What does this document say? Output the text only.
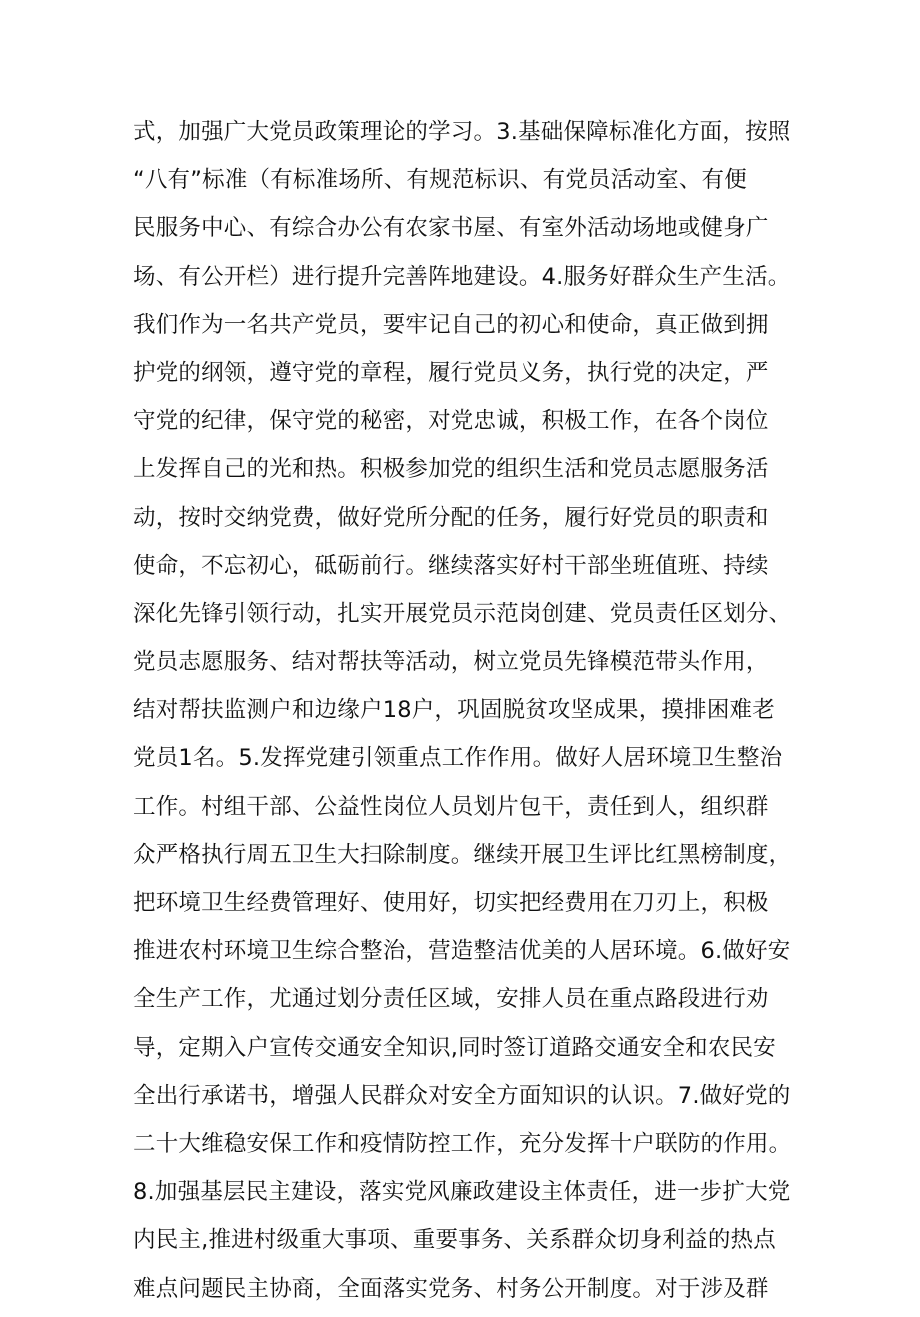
式，加强广大党员政策理论的学习。3.基础保障标准化方面，按照
“八有”标准（有标准场所、有规范标识、有党员活动室、有便
民服务中心、有综合办公有农家书屋、有室外活动场地或健身广
场、有公开栏）进行提升完善阵地建设。4.服务好群众生产生活。
我们作为一名共产党员，要牢记自己的初心和使命，真正做到拥
护党的纲领，遵守党的章程，履行党员义务，执行党的决定，严
守党的纪律，保守党的秘密，对党忠诚，积极工作，在各个岗位
上发挥自己的光和热。积极参加党的组织生活和党员志愿服务活
动，按时交纳党费，做好党所分配的任务，履行好党员的职责和
使命，不忘初心，砥砺前行。继续落实好村干部坐班值班、持续
深化先锋引领行动，扎实开展党员示范岗创建、党员责任区划分、
党员志愿服务、结对帮扶等活动，树立党员先锋模范带头作用，
结对帮扶监测户和边缘户18户，巩固脱贫攻坚成果，摸排困难老
党员1名。5.发挥党建引领重点工作作用。做好人居环境卫生整治
工作。村组干部、公益性岗位人员划片包干，责任到人，组织群
众严格执行周五卫生大扫除制度。继续开展卫生评比红黑榜制度，
把环境卫生经费管理好、使用好，切实把经费用在刀刃上，积极
推进农村环境卫生综合整治，营造整洁优美的人居环境。6.做好安
全生产工作，尤通过划分责任区域，安排人员在重点路段进行劝
导，定期入户宣传交通安全知识,同时签订道路交通安全和农民安
全出行承诺书，增强人民群众对安全方面知识的认识。7.做好党的
二十大维稳安保工作和疫情防控工作，充分发挥十户联防的作用。
8.加强基层民主建设，落实党风廉政建设主体责任，进一步扩大党
内民主,推进村级重大事项、重要事务、关系群众切身利益的热点
难点问题民主协商，全面落实党务、村务公开制度。对于涉及群
